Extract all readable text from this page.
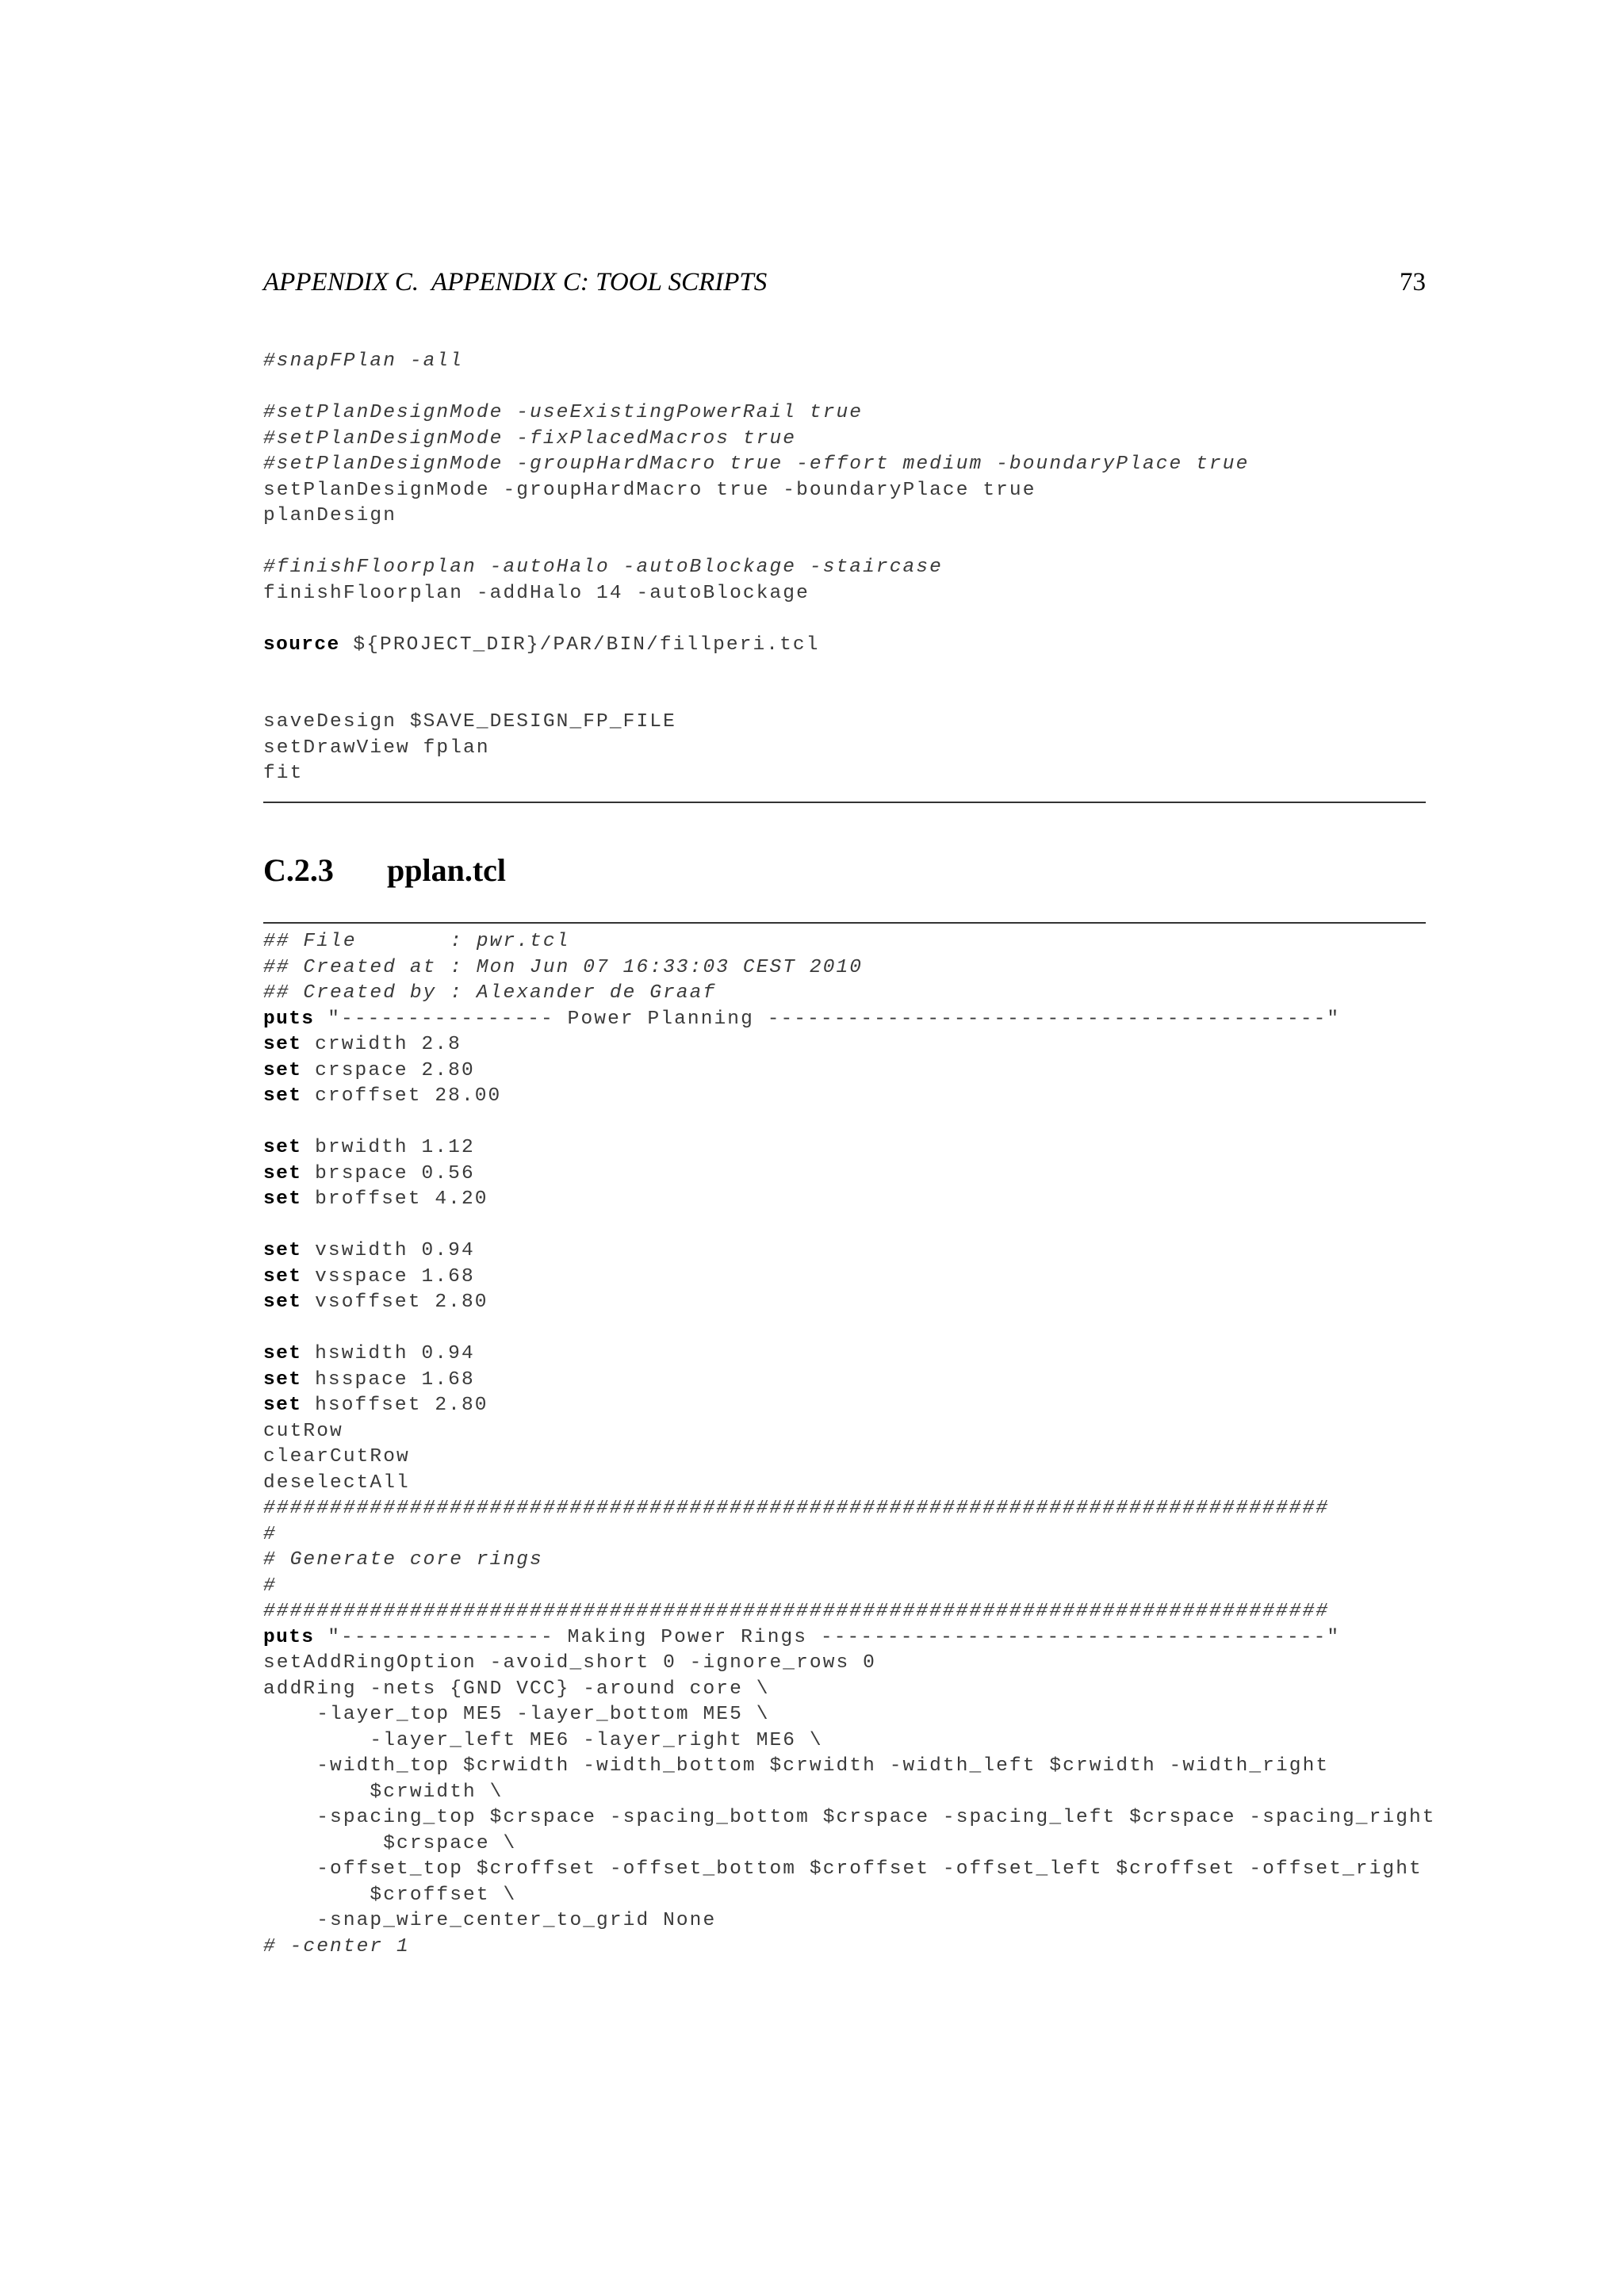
APPENDIX C.  APPENDIX C: TOOL SCRIPTS	73
#snapFPlan -all
#setPlanDesignMode -useExistingPowerRail true
#setPlanDesignMode -fixPlacedMacros true
#setPlanDesignMode -groupHardMacro true -effort medium -boundaryPlace true
setPlanDesignMode -groupHardMacro true -boundaryPlace true
planDesign
#finishFloorplan -autoHalo -autoBlockage -staircase
finishFloorplan -addHalo 14 -autoBlockage
source ${PROJECT_DIR}/PAR/BIN/fillperi.tcl
saveDesign $SAVE_DESIGN_FP_FILE
setDrawView fplan
fit
C.2.3 pplan.tcl
## File       : pwr.tcl
## Created at : Mon Jun 07 16:33:03 CEST 2010
## Created by : Alexander de Graaf
puts "---------------- Power Planning ------------------------------------------"
set crwidth 2.8
set crspace 2.80
set croffset 28.00
set brwidth 1.12
set brspace 0.56
set broffset 4.20
set vswidth 0.94
set vsspace 1.68
set vsoffset 2.80
set hswidth 0.94
set hsspace 1.68
set hsoffset 2.80
cutRow
clearCutRow
deselectAll
################################################################################
#
# Generate core rings
#
################################################################################
puts "---------------- Making Power Rings --------------------------------------"
setAddRingOption -avoid_short 0 -ignore_rows 0
addRing -nets {GND VCC} -around core \
-layer_top ME5 -layer_bottom ME5 \
-layer_left ME6 -layer_right ME6 \
-width_top $crwidth -width_bottom $crwidth -width_left $crwidth -width_right
$crwidth \
-spacing_top $crspace -spacing_bottom $crspace -spacing_left $crspace -spacing_right
$crspace \
-offset_top $croffset -offset_bottom $croffset -offset_left $croffset -offset_right
$croffset \
-snap_wire_center_to_grid None
# -center 1
